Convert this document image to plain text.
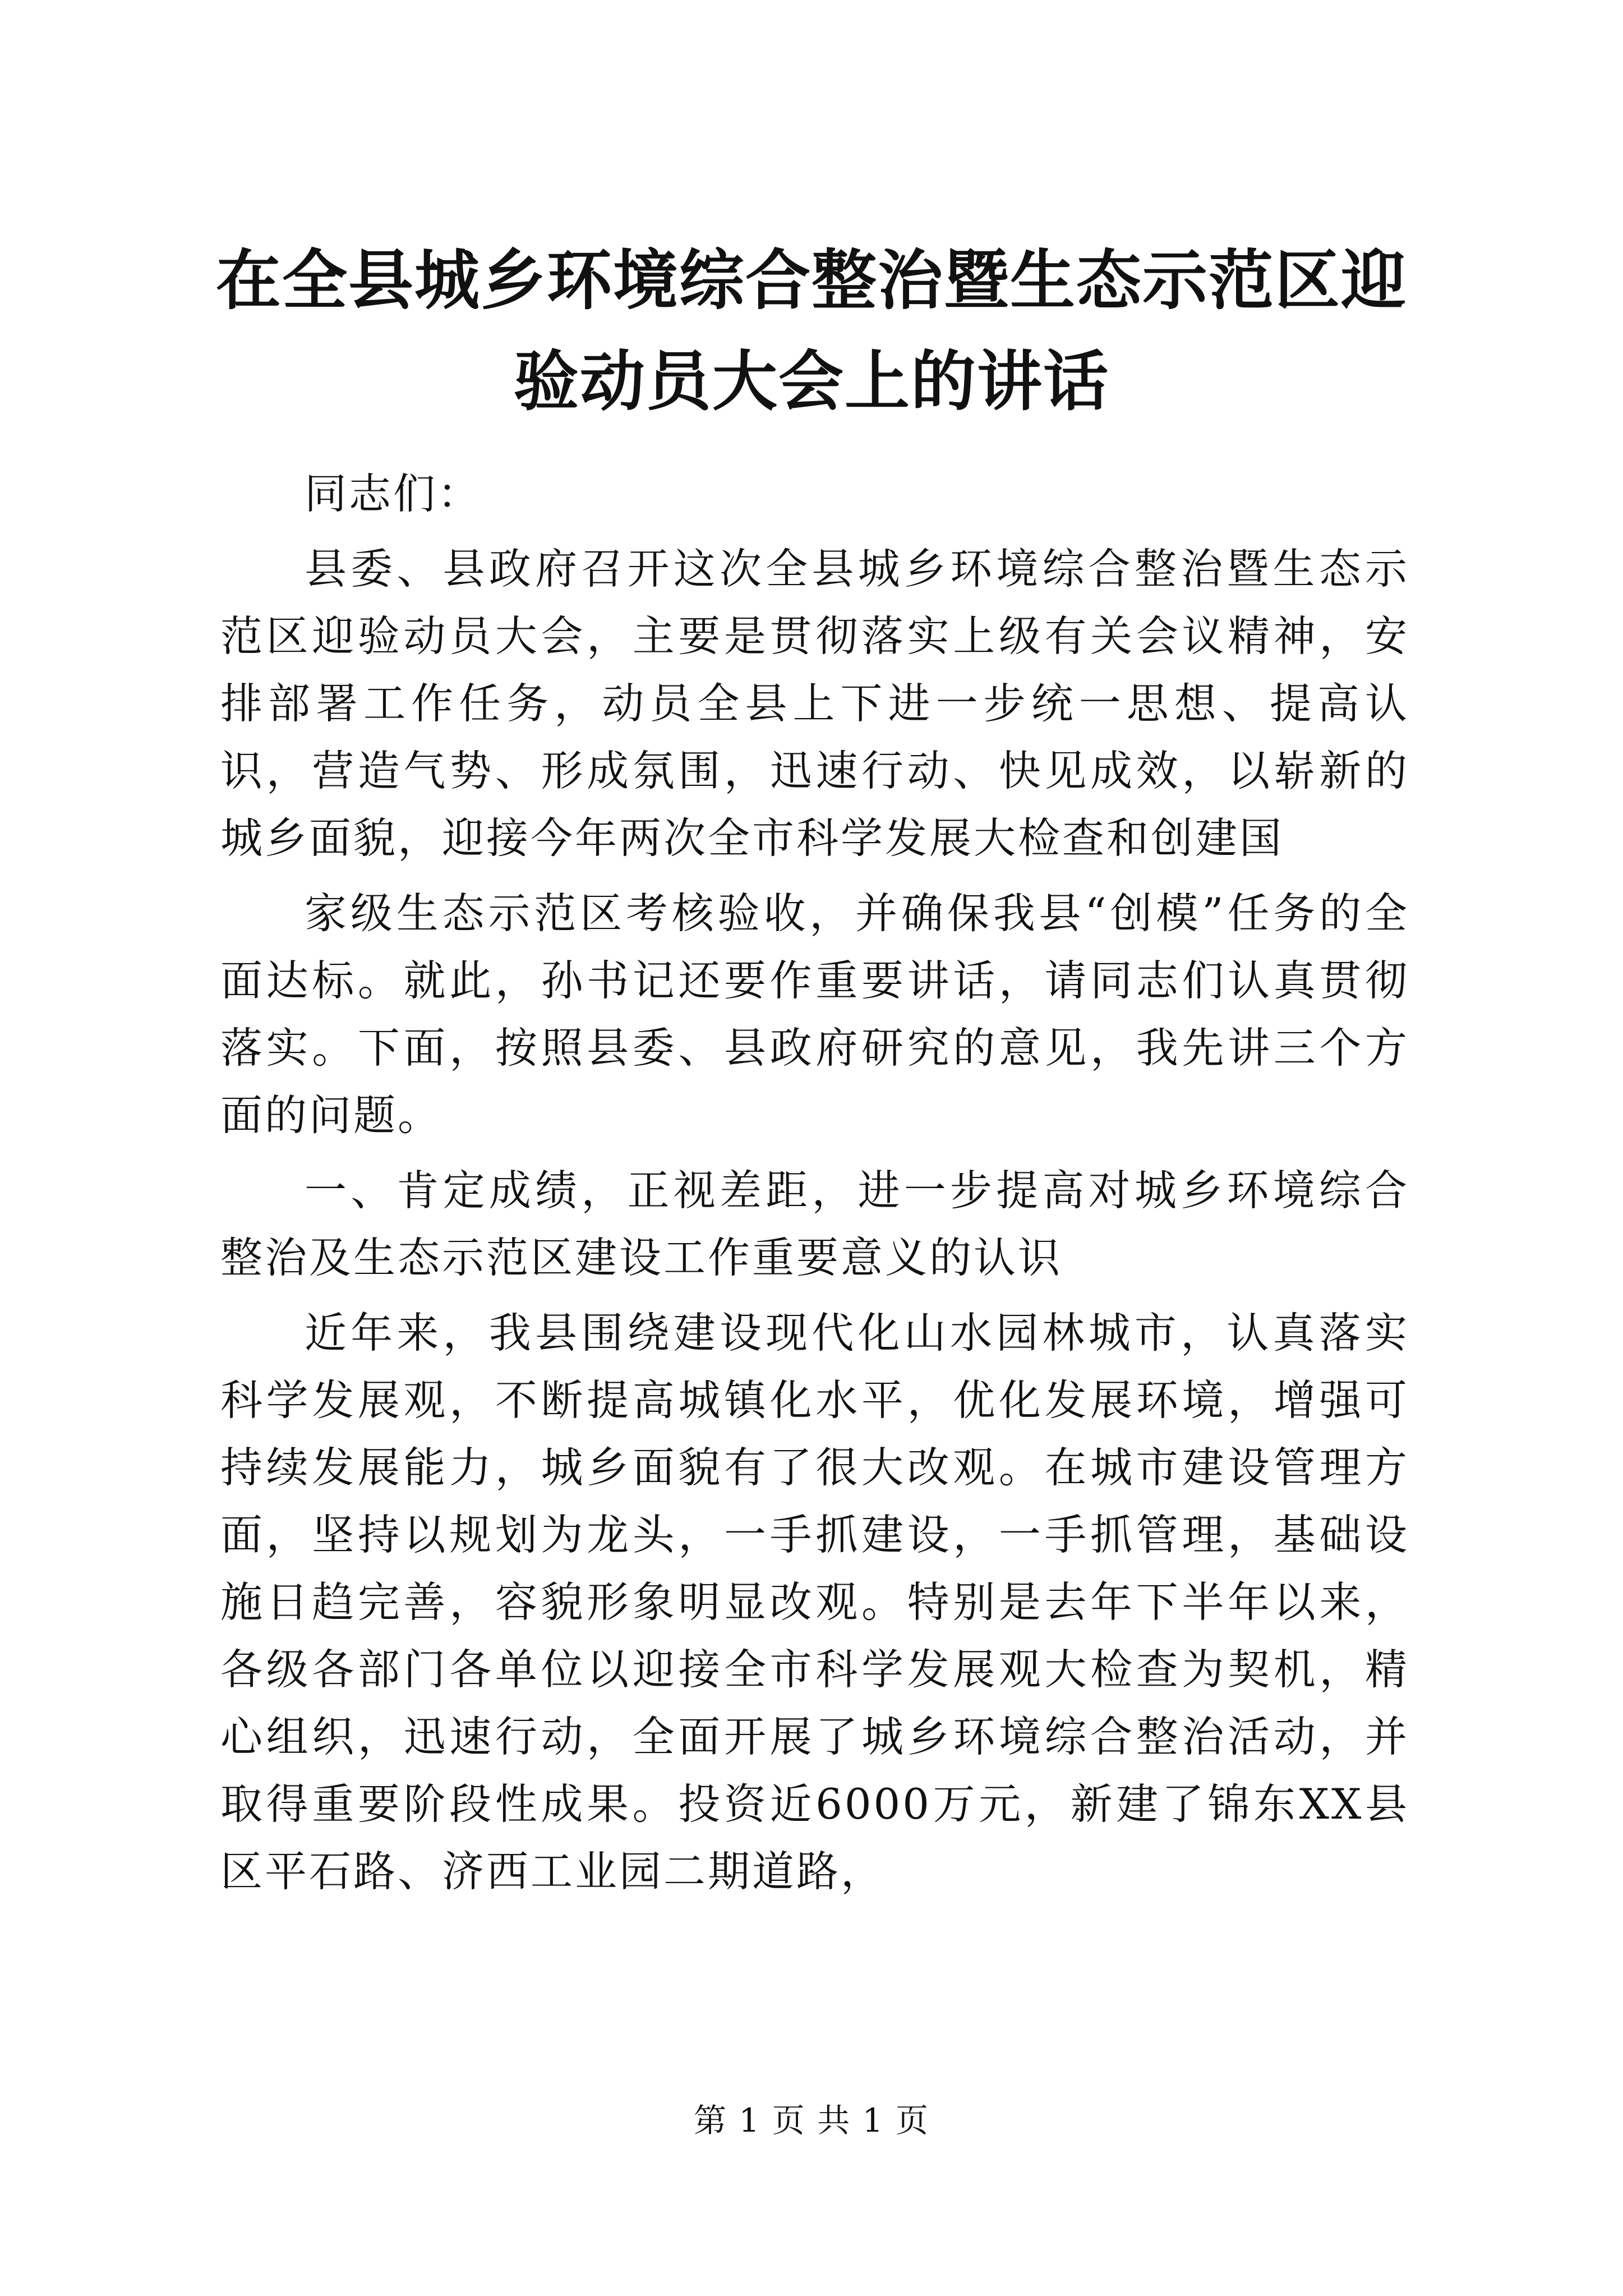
在全县城乡环境综合整治暨生态示范区迎验动员大会上的讲话

同志们：

县委、县政府召开这次全县城乡环境综合整治暨生态示范区迎验动员大会，主要是贯彻落实上级有关会议精神，安排部署工作任务，动员全县上下进一步统一思想、提高认识，营造气势、形成氛围，迅速行动、快见成效，以崭新的城乡面貌，迎接今年两次全市科学发展大检查和创建国

家级生态示范区考核验收，并确保我县“创模”任务的全面达标。就此，孙书记还要作重要讲话，请同志们认真贯彻落实。下面，按照县委、县政府研究的意见，我先讲三个方面的问题。

一、肯定成绩，正视差距，进一步提高对城乡环境综合整治及生态示范区建设工作重要意义的认识

近年来，我县围绕建设现代化山水园林城市，认真落实科学发展观，不断提高城镇化水平，优化发展环境，增强可持续发展能力，城乡面貌有了很大改观。在城市建设管理方面，坚持以规划为龙头，一手抓建设，一手抓管理，基础设施日趋完善，容貌形象明显改观。特别是去年下半年以来，各级各部门各单位以迎接全市科学发展观大检查为契机，精心组织，迅速行动，全面开展了城乡环境综合整治活动，并取得重要阶段性成果。投资近6000万元，新建了锦东XX县区平石路、济西工业园二期道路，

第 1 页 共 1 页
